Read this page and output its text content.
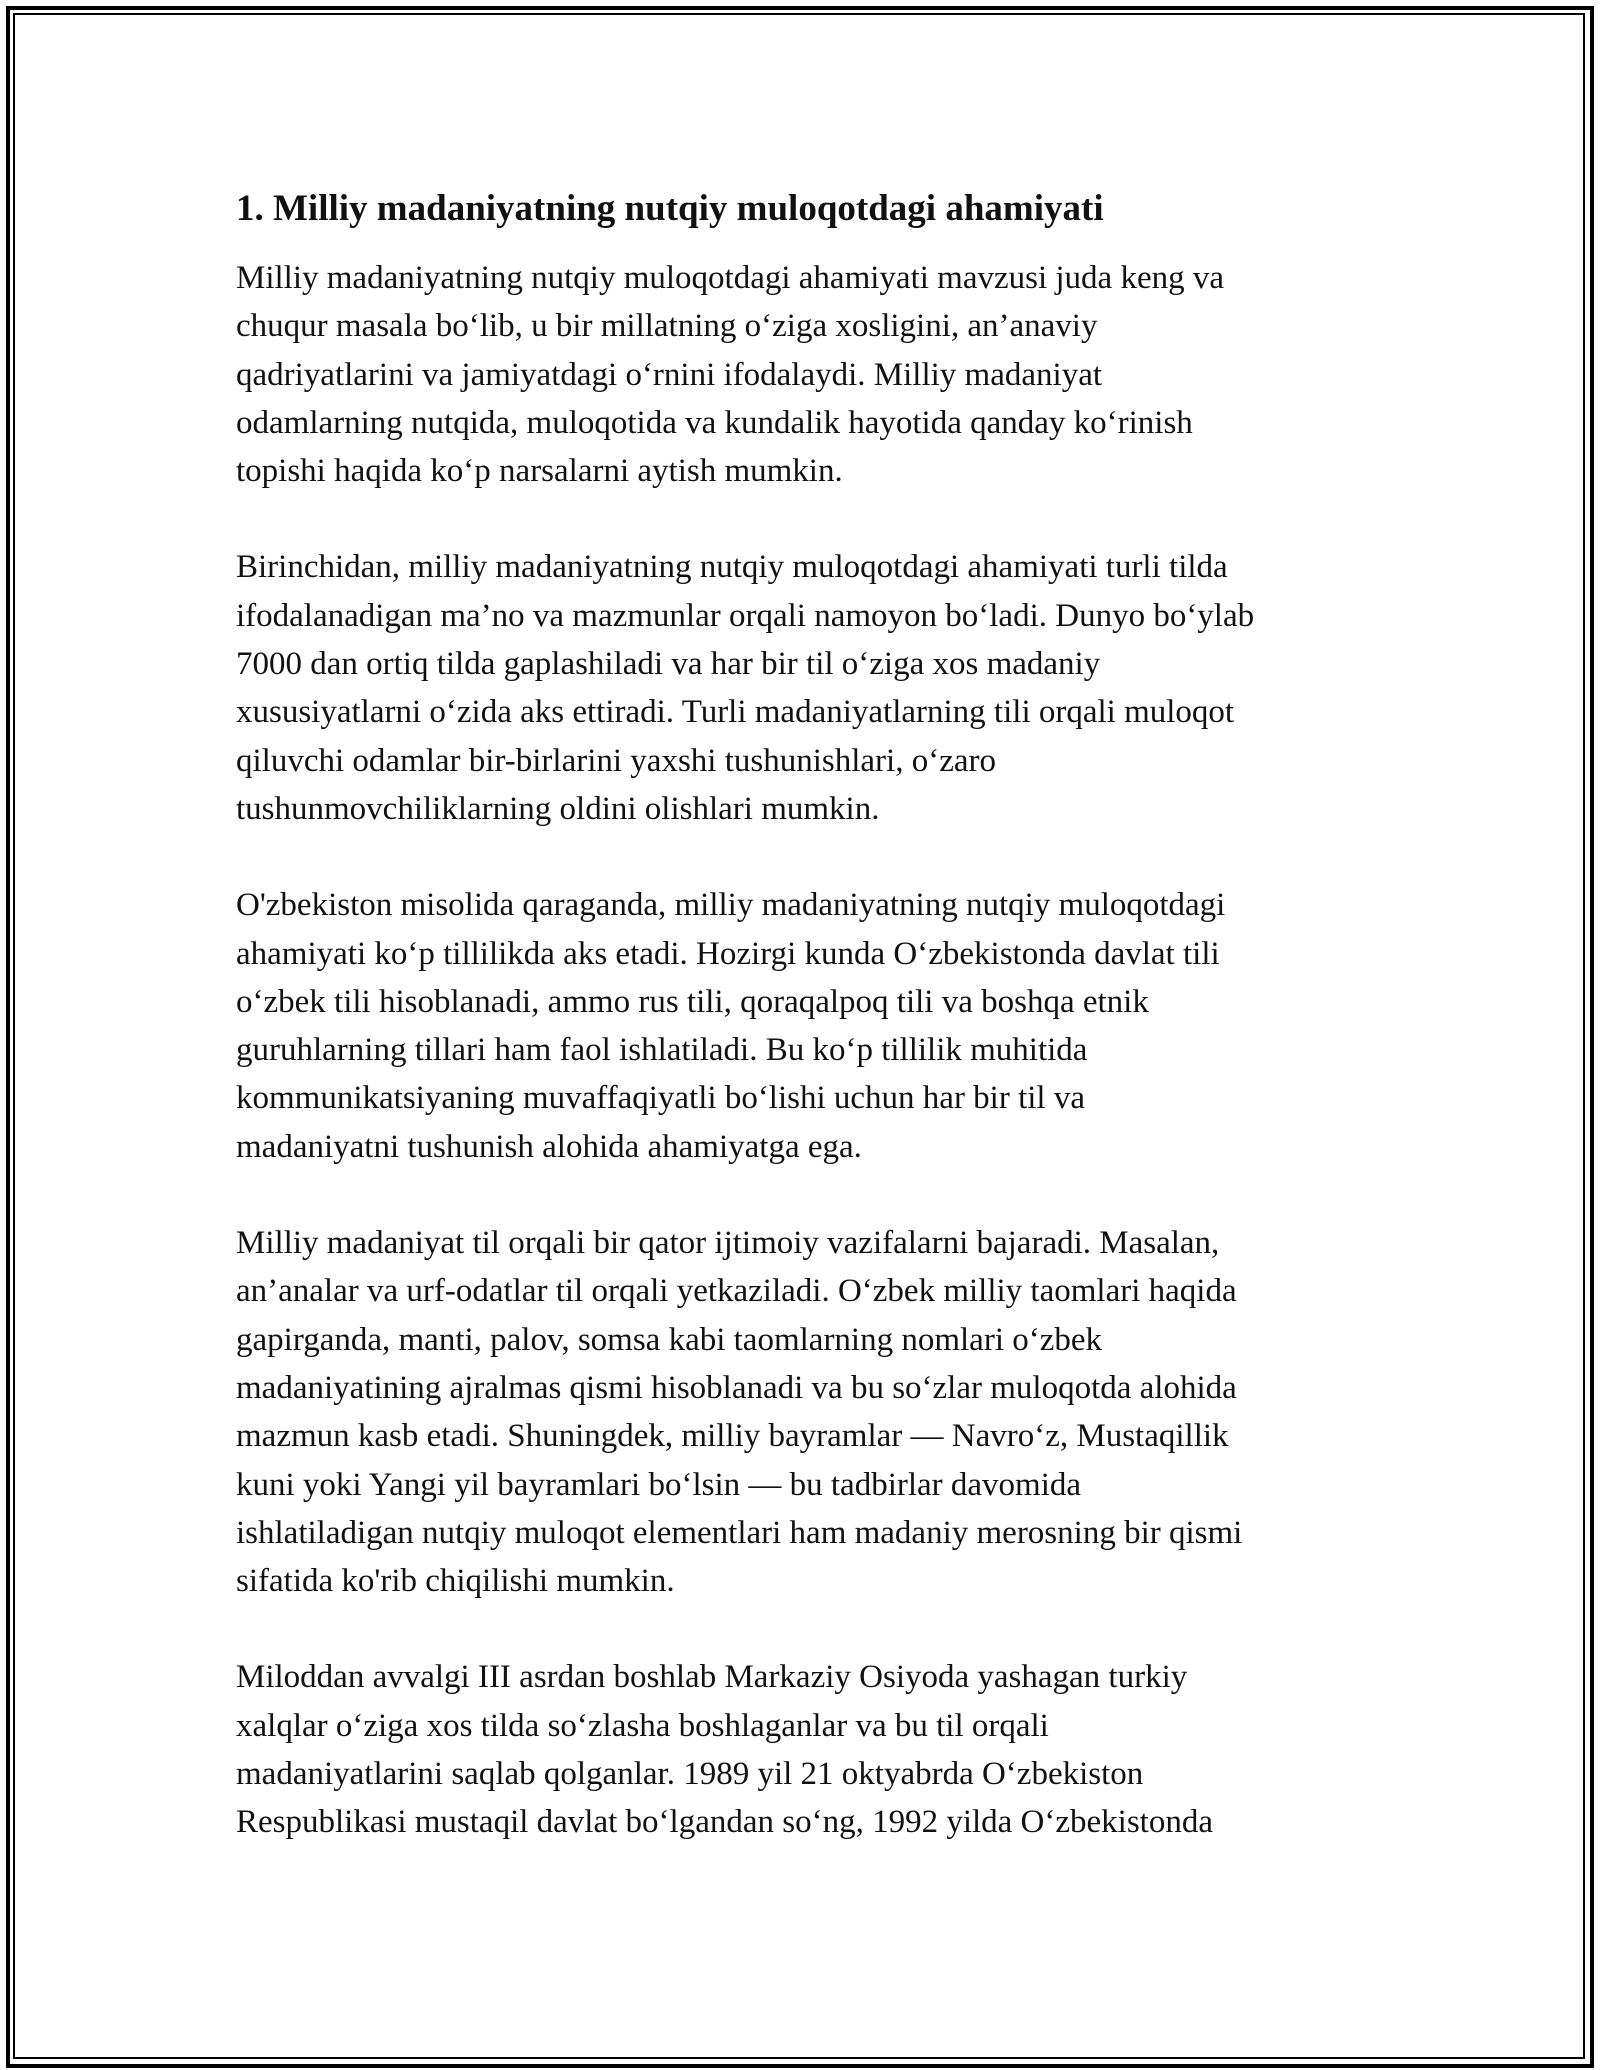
1. Milliy madaniyatning nutqiy muloqotdagi ahamiyati

Milliy madaniyatning nutqiy muloqotdagi ahamiyati mavzusi juda keng va
chuqur masala bo‘lib, u bir millatning o‘ziga xosligini, an’anaviy
qadriyatlarini va jamiyatdagi o‘rnini ifodalaydi. Milliy madaniyat
odamlarning nutqida, muloqotida va kundalik hayotida qanday ko‘rinish
topishi haqida ko‘p narsalarni aytish mumkin.

Birinchidan, milliy madaniyatning nutqiy muloqotdagi ahamiyati turli tilda
ifodalanadigan ma’no va mazmunlar orqali namoyon bo‘ladi. Dunyo bo‘ylab
7000 dan ortiq tilda gaplashiladi va har bir til o‘ziga xos madaniy
xususiyatlarni o‘zida aks ettiradi. Turli madaniyatlarning tili orqali muloqot
qiluvchi odamlar bir-birlarini yaxshi tushunishlari, o‘zaro
tushunmovchiliklarning oldini olishlari mumkin.

O'zbekiston misolida qaraganda, milliy madaniyatning nutqiy muloqotdagi
ahamiyati ko‘p tillilikda aks etadi. Hozirgi kunda O‘zbekistonda davlat tili
o‘zbek tili hisoblanadi, ammo rus tili, qoraqalpoq tili va boshqa etnik
guruhlarning tillari ham faol ishlatiladi. Bu ko‘p tillilik muhitida
kommunikatsiyaning muvaffaqiyatli bo‘lishi uchun har bir til va
madaniyatni tushunish alohida ahamiyatga ega.

Milliy madaniyat til orqali bir qator ijtimoiy vazifalarni bajaradi. Masalan,
an’analar va urf-odatlar til orqali yetkaziladi. O‘zbek milliy taomlari haqida
gapirganda, manti, palov, somsa kabi taomlarning nomlari o‘zbek
madaniyatining ajralmas qismi hisoblanadi va bu so‘zlar muloqotda alohida
mazmun kasb etadi. Shuningdek, milliy bayramlar — Navro‘z, Mustaqillik
kuni yoki Yangi yil bayramlari bo‘lsin — bu tadbirlar davomida
ishlatiladigan nutqiy muloqot elementlari ham madaniy merosning bir qismi
sifatida ko'rib chiqilishi mumkin.

Miloddan avvalgi III asrdan boshlab Markaziy Osiyoda yashagan turkiy
xalqlar o‘ziga xos tilda so‘zlasha boshlaganlar va bu til orqali
madaniyatlarini saqlab qolganlar. 1989 yil 21 oktyabrda O‘zbekiston
Respublikasi mustaqil davlat bo‘lgandan so‘ng, 1992 yilda O‘zbekistonda
